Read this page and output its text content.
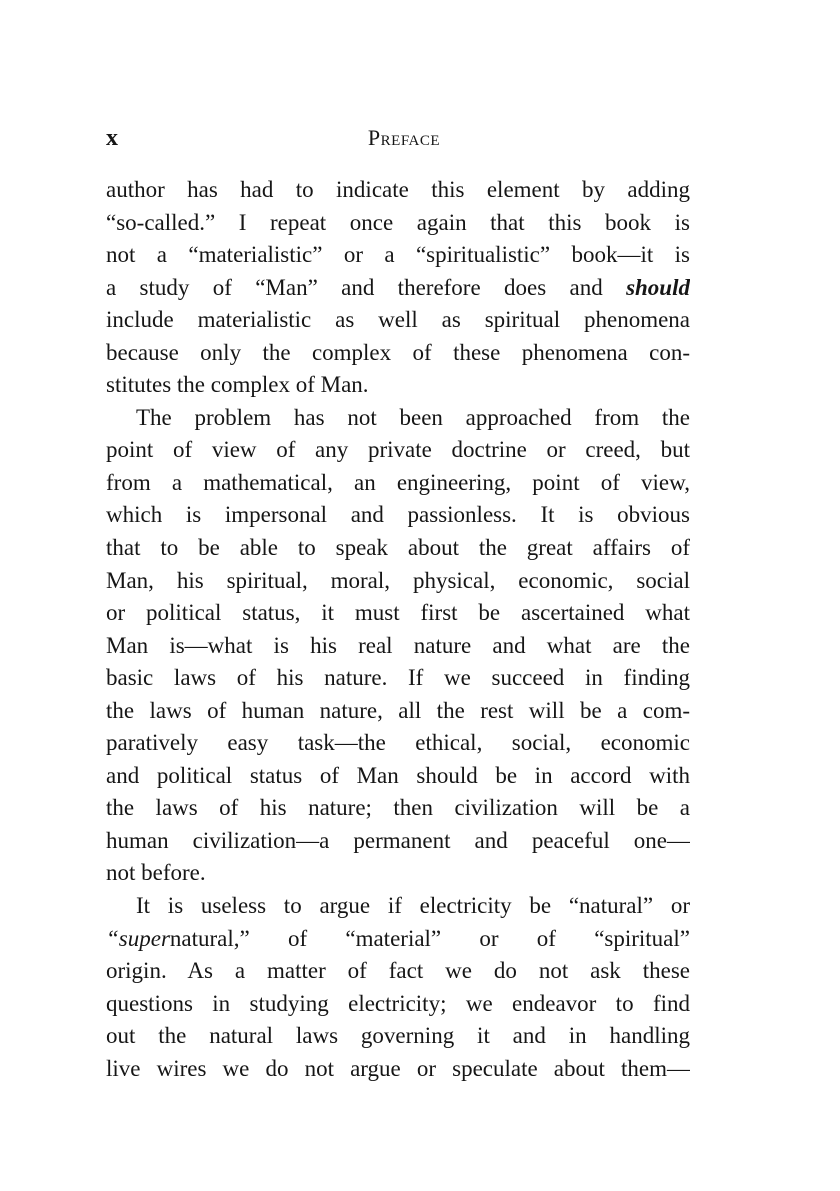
x	Preface
author has had to indicate this element by adding
“so-called.” I repeat once again that this book is
not a “materialistic” or a “spiritualistic” book—it is
a study of “Man” and therefore does and should
include materialistic as well as spiritual phenomena
because only the complex of these phenomena con-
stitutes the complex of Man.
The problem has not been approached from the
point of view of any private doctrine or creed, but
from a mathematical, an engineering, point of view,
which is impersonal and passionless. It is obvious
that to be able to speak about the great affairs of
Man, his spiritual, moral, physical, economic, social
or political status, it must first be ascertained what
Man is—what is his real nature and what are the
basic laws of his nature. If we succeed in finding
the laws of human nature, all the rest will be a com-
paratively easy task—the ethical, social, economic
and political status of Man should be in accord with
the laws of his nature; then civilization will be a
human civilization—a permanent and peaceful one—
not before.
It is useless to argue if electricity be “natural” or
“supernatural,” of “material” or of “spiritual”
origin. As a matter of fact we do not ask these
questions in studying electricity; we endeavor to find
out the natural laws governing it and in handling
live wires we do not argue or speculate about them—
